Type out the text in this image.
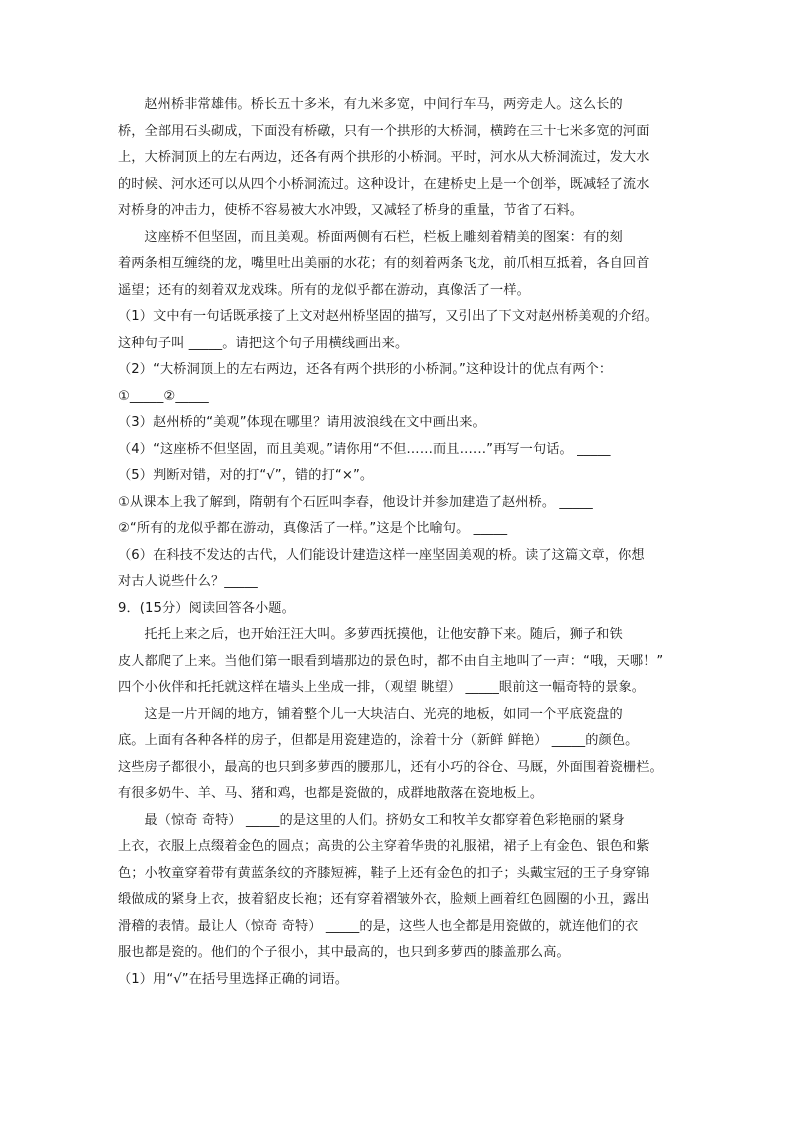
赵州桥非常雄伟。桥长五十多米，有九米多宽，中间行车马，两旁走人。这么长的

桥，全部用石头砌成，下面没有桥礅，只有一个拱形的大桥洞，横跨在三十七米多宽的河面

上，大桥洞顶上的左右两边，还各有两个拱形的小桥洞。平时，河水从大桥洞流过，发大水

的时候、河水还可以从四个小桥洞流过。这种设计，在建桥史上是一个创举，既减轻了流水

对桥身的冲击力，使桥不容易被大水冲毁，又减轻了桥身的重量，节省了石料。

这座桥不但坚固，而且美观。桥面两侧有石栏，栏板上雕刻着精美的图案：有的刻

着两条相互缠绕的龙，嘴里吐出美丽的水花；有的刻着两条飞龙，前爪相互抵着，各自回首

遥望；还有的刻着双龙戏珠。所有的龙似乎都在游动，真像活了一样。

（1）文中有一句话既承接了上文对赵州桥坚固的描写，又引出了下文对赵州桥美观的介绍。

这种句子叫 _____。请把这个句子用横线画出来。

（2）“大桥洞顶上的左右两边，还各有两个拱形的小桥洞。”这种设计的优点有两个：

①_____②_____

（3）赵州桥的“美观”体现在哪里？请用波浪线在文中画出来。

（4）“这座桥不但坚固，而且美观。”请你用“不但……而且……”再写一句话。 _____

（5）判断对错，对的打“√”，错的打“×”。

①从课本上我了解到，隋朝有个石匠叫李春，他设计并参加建造了赵州桥。 _____

②“所有的龙似乎都在游动，真像活了一样。”这是个比喻句。 _____

（6）在科技不发达的古代，人们能设计建造这样一座坚固美观的桥。读了这篇文章，你想

对古人说些什么？_____

9．(15分）阅读回答各小题。

托托上来之后，也开始汪汪大叫。多萝西抚摸他，让他安静下来。随后，狮子和铁

皮人都爬了上来。当他们第一眼看到墙那边的景色时，都不由自主地叫了一声：“哦，天哪！”

四个小伙伴和托托就这样在墙头上坐成一排，（观望 眺望） _____眼前这一幅奇特的景象。

这是一片开阔的地方，铺着整个儿一大块洁白、光亮的地板，如同一个平底瓷盘的

底。上面有各种各样的房子，但都是用瓷建造的，涂着十分（新鲜 鲜艳） _____的颜色。

这些房子都很小，最高的也只到多萝西的腰那儿，还有小巧的谷仓、马厩，外面围着瓷栅栏。

有很多奶牛、羊、马、猪和鸡，也都是瓷做的，成群地散落在瓷地板上。

最（惊奇 奇特） _____的是这里的人们。挤奶女工和牧羊女都穿着色彩艳丽的紧身

上衣，衣服上点缀着金色的圆点；高贵的公主穿着华贵的礼服裙，裙子上有金色、银色和紫

色；小牧童穿着带有黄蓝条纹的齐膝短裤，鞋子上还有金色的扣子；头戴宝冠的王子身穿锦

缎做成的紧身上衣，披着貂皮长袍；还有穿着褶皱外衣，脸颊上画着红色圆圈的小丑，露出

滑稽的表情。最让人（惊奇 奇特） _____的是，这些人也全都是用瓷做的，就连他们的衣

服也都是瓷的。他们的个子很小，其中最高的，也只到多萝西的膝盖那么高。

（1）用“√”在括号里选择正确的词语。
